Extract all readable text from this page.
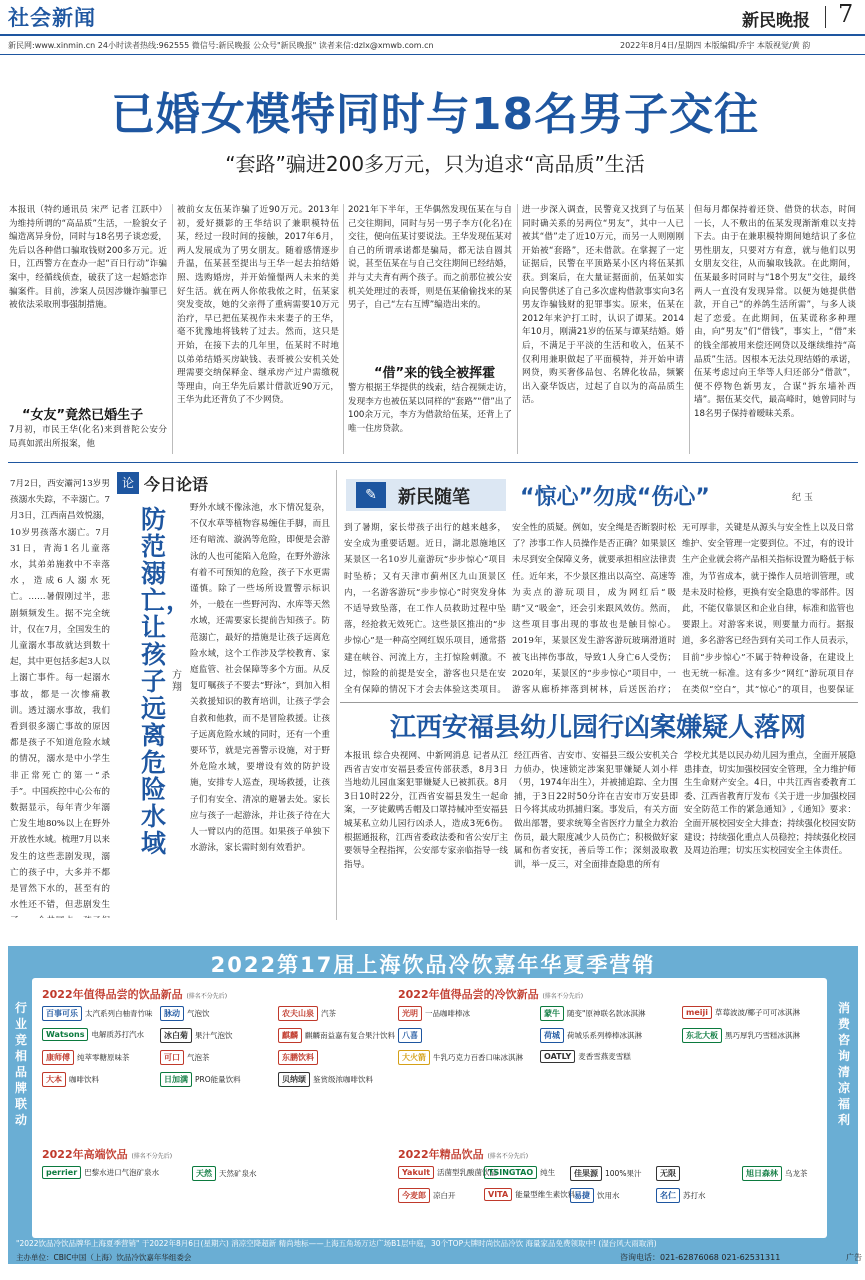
社会新闻	新民晚报 7
新民网:www.xinmin.cn 24小时读者热线:962555 微信号:新民晚报 公众号"新民晚报" 读者来信:dzlx@xmwb.com.cn	2022年8月4日/星期四 本版编辑/乔宇 本版视觉/黄 韵
已婚女模特同时与18名男子交往
“套路”骗进200多万元，只为追求“高品质”生活
本报讯（特约通讯员 宋严 记者 江跃中）为维持所谓的“高品质”生活，一脸貌女子编造离异身份，同时与18名男子谈恋爱，先后以各种借口骗取钱财200多万元。近日，江西警方在查办一起“百日行动”诈骗案中，经循线侦查，破获了这一起婚恋诈骗案件。目前，涉案人员因涉嫌诈骗罪已被依法采取刑事强制措施。
“女友”竟然已婚生子
7月初，市民王华(化名)来到普陀公安分局真如派出所报案，他
被前女友伍某诈骗了近90万元。2013年初，爱好摄影的王华结识了兼职模特伍某，经过一段时间的接触，2017年6月，两人发展成为了男女朋友。随着感情逐步升温，伍某甚至提出与王华一起去拍结婚照、选购婚房，并开始憧憬两人未来的美好生活。就在两人你侬我侬之时，伍某家突发变故，她的父亲得了重病需要10万元治疗，早已把伍某视作未来妻子的王华，毫不犹豫地将钱转了过去。然而，这只是开始，在接下去的几年里，伍某时不时地以弟弟结婚买房缺钱、表哥被公安机关处理需要交纳保释金、继承房产过户需缴税等理由，向王华先后累计借款近90万元，王华为此还背负了不少网贷。
2021年下半年，王华偶然发现伍某在与自己交往期间，同时与另一男子李方(化名)在交往，便向伍某讨要说法。王华发现伍某对自己的所谓承诺都是骗局，都无法自圆其说，甚至伍某在与自己交往期间已经结婚，并与丈夫育有两个孩子。而之前那位被公安机关处理过的表哥，则是伍某偷偷找来的某男子，自己“左右互博”编造出来的。
“借”来的钱全被挥霍
警方根据王华提供的线索，结合视频走访，发现李方也被伍某以同样的“套路”“借”出了100余万元，李方为借款给伍某，还背上了唯一住房贷款。
进一步深入调查，民警竟又找到了与伍某同时确关系的另两位“男友”，其中一人已被其“借”走了近10万元，而另一人则刚刚开始被“套路”，还未借款。在掌握了一定证据后，民警在平顶路某小区内将伍某抓获。到案后，在大量证据面前，伍某如实向民警供述了自己多次虚构借款事实向3名男友诈骗钱财的犯罪事实。原来，伍某在2012年来沪打工时，认识了谭某。2014年10月，刚满21岁的伍某与谭某结婚。婚后，不满足于平淡的生活和收入，伍某不仅利用兼职做起了平面模特，并开始申请网贷，购买奢侈品包、名牌化妆品，频繁出入豪华饭店，过起了自以为的高品质生活。
但每月都保持着还贷、借贷的状态，时间一长，人不敷出的伍某发现渐渐难以支持下去。由于在兼职模特期间她结识了多位男性朋友，只要对方有意，就与他们以男女朋友交往，从而骗取钱款。在此期间，伍某最多时同时与“18个男友”交往，最终两人一直没有发现异常。以便为她提供借款，开自己“的养鸽生活所需”，与多人谈起了恋爱。在此期间，伍某谎称多种理由，向“男友”们“借钱”，事实上，“借”来的钱全部被用来偿还网贷以及继续维持“高品质”生活。因根本无法兑现结婚的承诺，伍某考虑过向王华等人归还部分“借款”，便不停物色新男友，合谋“拆东墙补西墙”。据伍某交代，最高峰时，她曾同时与18名男子保持着暧昧关系。
论 今日论语
7月2日，西安灞河13岁男孩溺水失踪，不幸溺亡。7月3日，江西南昌效悦溺，10岁男孩落水溺亡。7月31日，青海1名儿童落水，其弟弟施救中不幸落水，造成6人溺水死亡。……暑假刚过半，悲剧频频发生。据不完全统计，仅在7月，全国发生的儿童溺水事故就达到数十起，其中更包括多起3人以上溺亡事件。每一起溺水事故，都是一次惨痛教训。透过溺水事故，我们看到很多溺亡事故的原因都是孩子不知道危险水域的情况，溺水是中小学生非正常死亡的第一“杀手”。中国疾控中心公布的数据显示，每年青少年溺亡发生地80%以上在野外开放性水域。梳理7月以来发生的这些悲剧发现，溺亡的孩子中，大多并不都是冒然下水的，甚至有的水性还不错，但悲剧发生
防范溺亡，让孩子远离危险水域
方翔
野外水域不像泳池，水下情况复杂，不仅水草等植物容易缠住手脚，而且还有暗流、漩涡等危险，即便是会游泳的人也可能陷入危险，在野外游泳有着不可预知的危险，孩子下水更需谨慎。除了一些场所设置警示标识外，一般在一些野河沟、水库等天然水域，还需要家长提前告知孩子。防范溺亡，最好的措施是让孩子远离危险水域，这个工作涉及学校教育、家庭监管、社会保障等多个方面。从反复叮嘱孩子不要去“野泳”，到加入相关救援知识的教育培训，让孩子学会自救和他救，而不是冒险救援。让孩子远离危险水域的同时，还有一个重要环节，就是完善警示设施，对于野外危险水域，要增设有效的防护设施，安排专人巡查，现场救援，让孩子们有安全、清凉的避暑去处。家长应与孩子一起游泳，并让孩子待在大人一臂以内的范围。如果孩子单独下水游泳，家长需时刻有效看护。
✎	新民随笔 “惊心”勿成“伤心”	纪 玉
到了暑期，家长带孩子出行的越来越多，安全成为重要话题。近日，湖北恩施地区某景区一名10岁儿童游玩“步步惊心”项目时坠桥；又有天津市蓟州区九山顶景区内，一名游客游玩“步步惊心”时突发身体不适导致坠落，在工作人员救助过程中坠落，经抢救无效死亡。这些景区推出的“步步惊心”是一种高空网红娱乐项目，通常搭建在峡谷、河流上方，主打惊险刺激。不过，惊险的前提是安全，游客也只是在安全有保障的情况下才会去体验这类项目。
安全性的质疑。例如，安全绳是否断裂时松了？涉事工作人员操作是否正确？如果景区未尽到安全保障义务，就要承担相应法律责任。近年来，不少景区推出以高空、高速等为卖点的游玩项目，成为网红后“吸睛”又“吸金”，还会引来跟风效仿。然而，这些项目事出现的事故也是触目惊心。2019年，某景区发生游客游玩玻璃滑道时被飞出摔伤事故，导致1人身亡6人受伤；2020年，某景区的“步步惊心”项目中，一游客从廊桥摔落到树林，后送医治疗；
无可厚非，关键是从源头与安全性上以及日常维护、安全管理一定要到位。不过，有的设计生产企业就会将产品相关指标设置为略低于标准，为节省成本，就于操作人员培训管理，或是未及时检修，更换有安全隐患的零部件。因此，不能仅靠景区和企业自律，标准和监管也要跟上。对游客来说，则要量力而行。据报道，多名游客已经告到有关司工作人员表示，目前“步步惊心”不属于特种设备，在建设上也无统一标准。这有多少“网红”游玩项目存在类似“空白”，其“惊心”的项目，也要保证
江西安福县幼儿园行凶案嫌疑人落网
本报讯 综合央视网、中新网消息 记者从江西省吉安市安福县委宣传部获悉，8月3日当地幼儿园血案犯罪嫌疑人已被抓获。8月3日10时22分，江西省安福县发生一起命案，一歹徒戴鸭舌帽及口罩持械冲至安福县城某私立幼儿园行凶杀人，造成3死6伤。根据通报称，江西省委政法委和省公安厅主要领导全程指挥，公安部专家亲临指导一线指导。
经江西省、吉安市、安福县三级公安机关合力侦办，快速锁定涉案犯罪嫌疑人刘小样（男，1974年出生），并被捕追踪、全力围捕，于3日22时50分许在吉安市万安县即日今将其成功抓捕归案。事发后，有关方面做出部署，要求统筹全省医疗力量全力救治伤员，最大限度减少人员伤亡；积极做好家属和伤者安抚，善后等工作；深刻汲取教训，举一反三，对全面排查隐患的所有
学校尤其是以民办幼儿园为重点，全面开展隐患排查，切实加强校园安全管理，全力维护师生生命财产安全。4日，中共江西省委教育工委、江西省教育厅发布《关于进一步加强校园安全防范工作的紧急通知》,《通知》要求：全面开展校园安全大排查；持续强化校园安防建设；持续强化重点人员稳控；持续强化校园及周边治理；切实压实校园安全主体责任。
2022第17届上海饮品冷饮嘉年华夏季营销
行业竞相 品牌联动
消费咨询 清凉福利
2022年值得品尝的饮品新品 (排名不分先后)	2022年值得品尝的冷饮新品 (排名不分先后)
2022年高端饮品 (排名不分先后)	2022年精品饮品 (排名不分先后)
百事可乐 太汽系列白柚青竹味	脉动 气泡饮	农夫山泉 汽茶
Watsons 电解质苏打汽水	冰白菊 果汁气泡饮	麒麟 麒麟南益嘉有复合果汁饮料
康师傅 纯萃零糖原味茶	可口 气泡茶	东鹏饮料
大本 咖啡饮料	日加满 PRO能量饮料	贝纳颂 鉴赏级浓咖啡饮料
光明 一品咖啡棒冰	蒙牛 随变"原神联名款冰淇淋	meiji 草莓波波/椰子可可冰淇淋
八喜	荷城 荷城乐系列棒棒冰淇淋	东北大板 黑巧厚乳巧雪糕冰淇淋
大火箭 牛乳巧克力百香口味冰淇淋	OATLY 麦香雪燕麦雪糕
perrier 巴黎水进口气泡矿泉水	天然 天然矿泉水	Yakult 活菌型乳酸菌饮品
TSINGTAO 纯生	佳果源 100%果汁	无限	旭日森林 乌龙茶
今麦郎 凉白开	VITA 能量型维生素饮料
易捷 饮用水	名仁 苏打水
"2022饮品冷饮品牌华上海夏季营销" 于2022年8月6日(星期六) 消凉空降超新 精尚地标——上海五角场万达广场B1层中庭，30个TOP大牌时尚饮品冷饮 海量家品免费领取中! (湿台风大雨取消)
主办单位：CBIC中国（上海）饮品冷饮嘉年华组委会	咨询电话：021-62876068 021-62531311	广告
